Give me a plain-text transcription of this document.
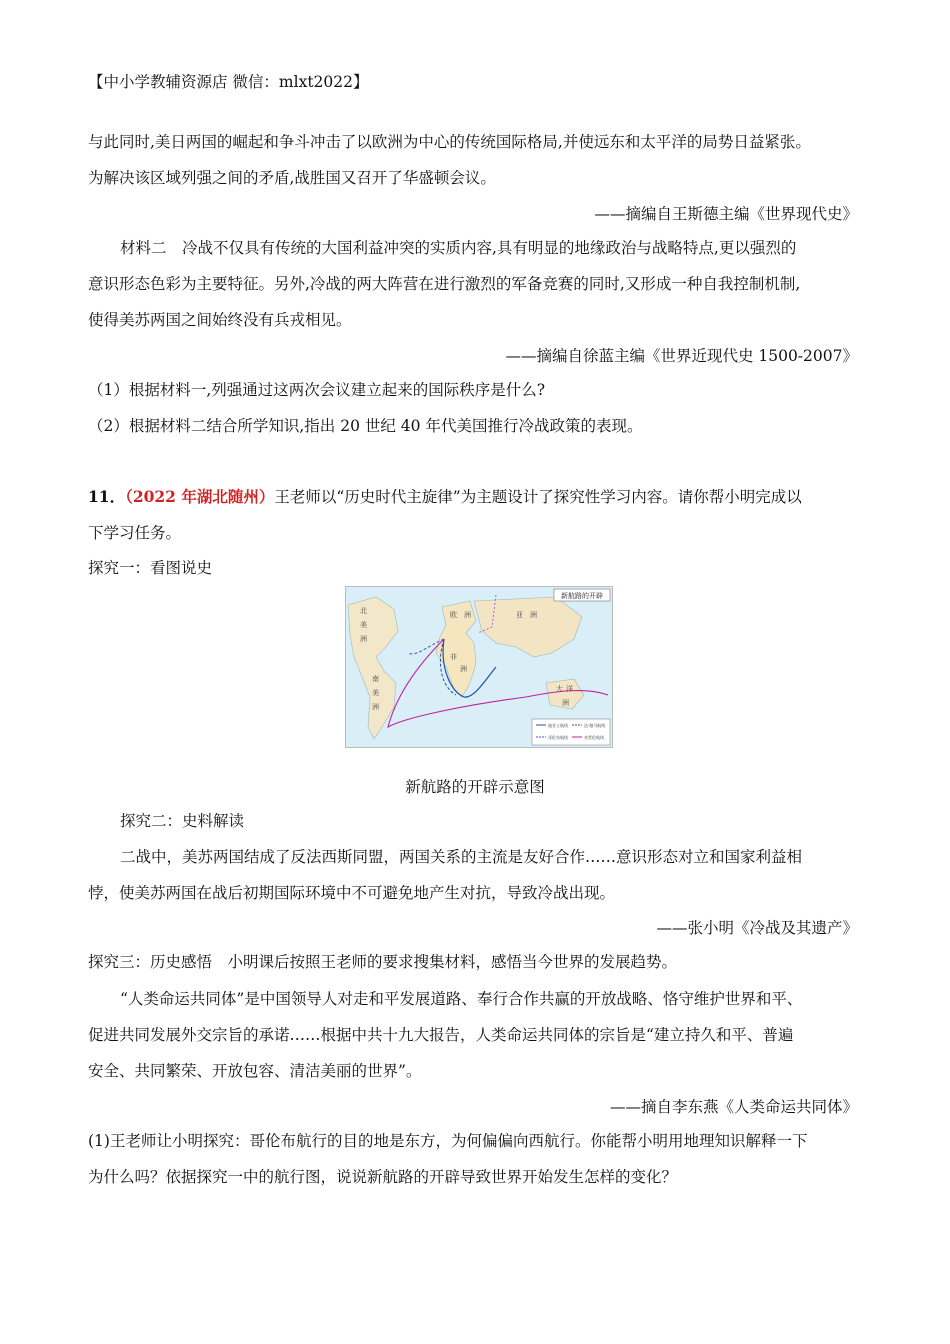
【中小学教辅资源店 微信：mlxt2022】
与此同时,美日两国的崛起和争斗冲击了以欧洲为中心的传统国际格局,并使远东和太平洋的局势日益紧张。
为解决该区域列强之间的矛盾,战胜国又召开了华盛顿会议。
——摘编自王斯德主编《世界现代史》
材料二　冷战不仅具有传统的大国利益冲突的实质内容,具有明显的地缘政治与战略特点,更以强烈的
意识形态色彩为主要特征。另外,冷战的两大阵营在进行激烈的军备竞赛的同时,又形成一种自我控制机制,
使得美苏两国之间始终没有兵戎相见。
——摘编自徐蓝主编《世界近现代史 1500-2007》
（1）根据材料一,列强通过这两次会议建立起来的国际秩序是什么?
（2）根据材料二结合所学知识,指出 20 世纪 40 年代美国推行冷战政策的表现。
11．（2022 年湖北随州）王老师以“历史时代主旋律”为主题设计了探究性学习内容。请你帮小明完成以
下学习任务。
探究一：看图说史
新航路的开辟
迪亚士航线	达·伽马航线
哥伦布航线	麦哲伦航线
北
美
洲
南
美
洲
欧 洲	亚 洲
非
洲
大 洋
洲
新航路的开辟示意图
探究二：史料解读
二战中，美苏两国结成了反法西斯同盟，两国关系的主流是友好合作……意识形态对立和国家利益相
悖，使美苏两国在战后初期国际环境中不可避免地产生对抗，导致冷战出现。
——张小明《冷战及其遗产》
探究三：历史感悟　小明课后按照王老师的要求搜集材料，感悟当今世界的发展趋势。
“人类命运共同体”是中国领导人对走和平发展道路、奉行合作共赢的开放战略、恪守维护世界和平、
促进共同发展外交宗旨的承诺……根据中共十九大报告，人类命运共同体的宗旨是“建立持久和平、普遍
安全、共同繁荣、开放包容、清洁美丽的世界”。
——摘自李东燕《人类命运共同体》
(1)王老师让小明探究：哥伦布航行的目的地是东方，为何偏偏向西航行。你能帮小明用地理知识解释一下
为什么吗？依据探究一中的航行图，说说新航路的开辟导致世界开始发生怎样的变化？
